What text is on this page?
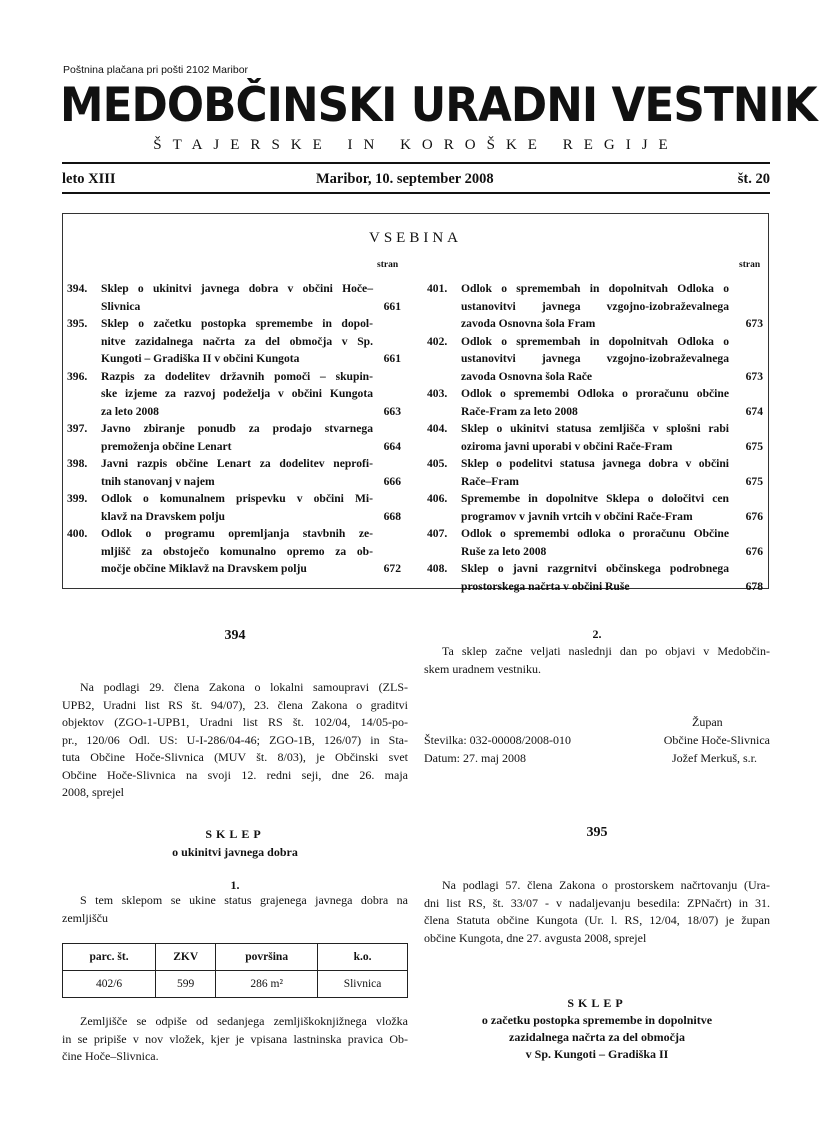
Poštnina plačana pri pošti 2102 Maribor
MEDOBČINSKI URADNI VESTNIK
ŠTAJERSKE IN KOROŠKE REGIJE
leto XIII	Maribor, 10. september 2008	št. 20
VSEBINA
stran	stran
394. Sklep o ukinitvi javnega dobra v občini Hoče–
Slivnica	661
395. Sklep o začetku postopka spremembe in dopol-
nitve zazidalnega načrta za del območja v Sp.
Kungoti – Gradiška II v občini Kungota	661
396. Razpis za dodelitev državnih pomoči – skupin-
ske izjeme za razvoj podeželja v občini Kungota
za leto 2008	663
397. Javno zbiranje ponudb za prodajo stvarnega
premoženja občine Lenart	664
398. Javni razpis občine Lenart za dodelitev neprofi-
tnih stanovanj v najem	666
399. Odlok o komunalnem prispevku v občini Mi-
klavž na Dravskem polju	668
400. Odlok o programu opremljanja stavbnih ze-
mljišč za obstoječo komunalno opremo za ob-
močje občine Miklavž na Dravskem polju	672
401. Odlok o spremembah in dopolnitvah Odloka o
ustanovitvi javnega vzgojno-izobraževalnega
zavoda Osnovna šola Fram	673
402. Odlok o spremembah in dopolnitvah Odloka o
ustanovitvi javnega vzgojno-izobraževalnega
zavoda Osnovna šola Rače	673
403. Odlok o spremembi Odloka o proračunu občine
Rače-Fram za leto 2008	674
404. Sklep o ukinitvi statusa zemljišča v splošni rabi
oziroma javni uporabi v občini Rače-Fram	675
405. Sklep o podelitvi statusa javnega dobra v občini
Rače–Fram	675
406. Spremembe in dopolnitve Sklepa o določitvi cen
programov v javnih vrtcih v občini Rače-Fram	676
407. Odlok o spremembi odloka o proračunu Občine
Ruše za leto 2008	676
408. Sklep o javni razgrnitvi občinskega podrobnega
prostorskega načrta v občini Ruše	678
394
Na podlagi 29. člena Zakona o lokalni samoupravi (ZLS-
UPB2, Uradni list RS št. 94/07), 23. člena Zakona o graditvi
objektov (ZGO-1-UPB1, Uradni list RS št. 102/04, 14/05-po-
pr., 120/06 Odl. US: U-I-286/04-46; ZGO-1B, 126/07) in Sta-
tuta Občine Hoče-Slivnica (MUV št. 8/03), je Občinski svet
Občine Hoče-Slivnica na svoji 12. redni seji, dne 26. maja
2008, sprejel
SKLEP
o ukinitvi javnega dobra
1.
S tem sklepom se ukine status grajenega javnega dobra na
zemljišču
parc. št.	ZKV	površina	k.o.
402/6	599	286 m²	Slivnica
Zemljišče se odpiše od sedanjega zemljiškoknjižnega vložka
in se pripiše v nov vložek, kjer je vpisana lastninska pravica Ob-
čine Hoče–Slivnica.
2.
Ta sklep začne veljati naslednji dan po objavi v Medobčin-
skem uradnem vestniku.
Župan
Številka: 032-00008/2008-010	Občine Hoče-Slivnica
Datum: 27. maj 2008	Jožef Merkuš, s.r.
395
Na podlagi 57. člena Zakona o prostorskem načrtovanju (Ura-
dni list RS, št. 33/07 - v nadaljevanju besedila: ZPNačrt) in 31.
člena Statuta občine Kungota (Ur. l. RS, 12/04, 18/07) je župan
občine Kungota, dne 27. avgusta 2008, sprejel
SKLEP
o začetku postopka spremembe in dopolnitve
zazidalnega načrta za del območja
v Sp. Kungoti – Gradiška II
